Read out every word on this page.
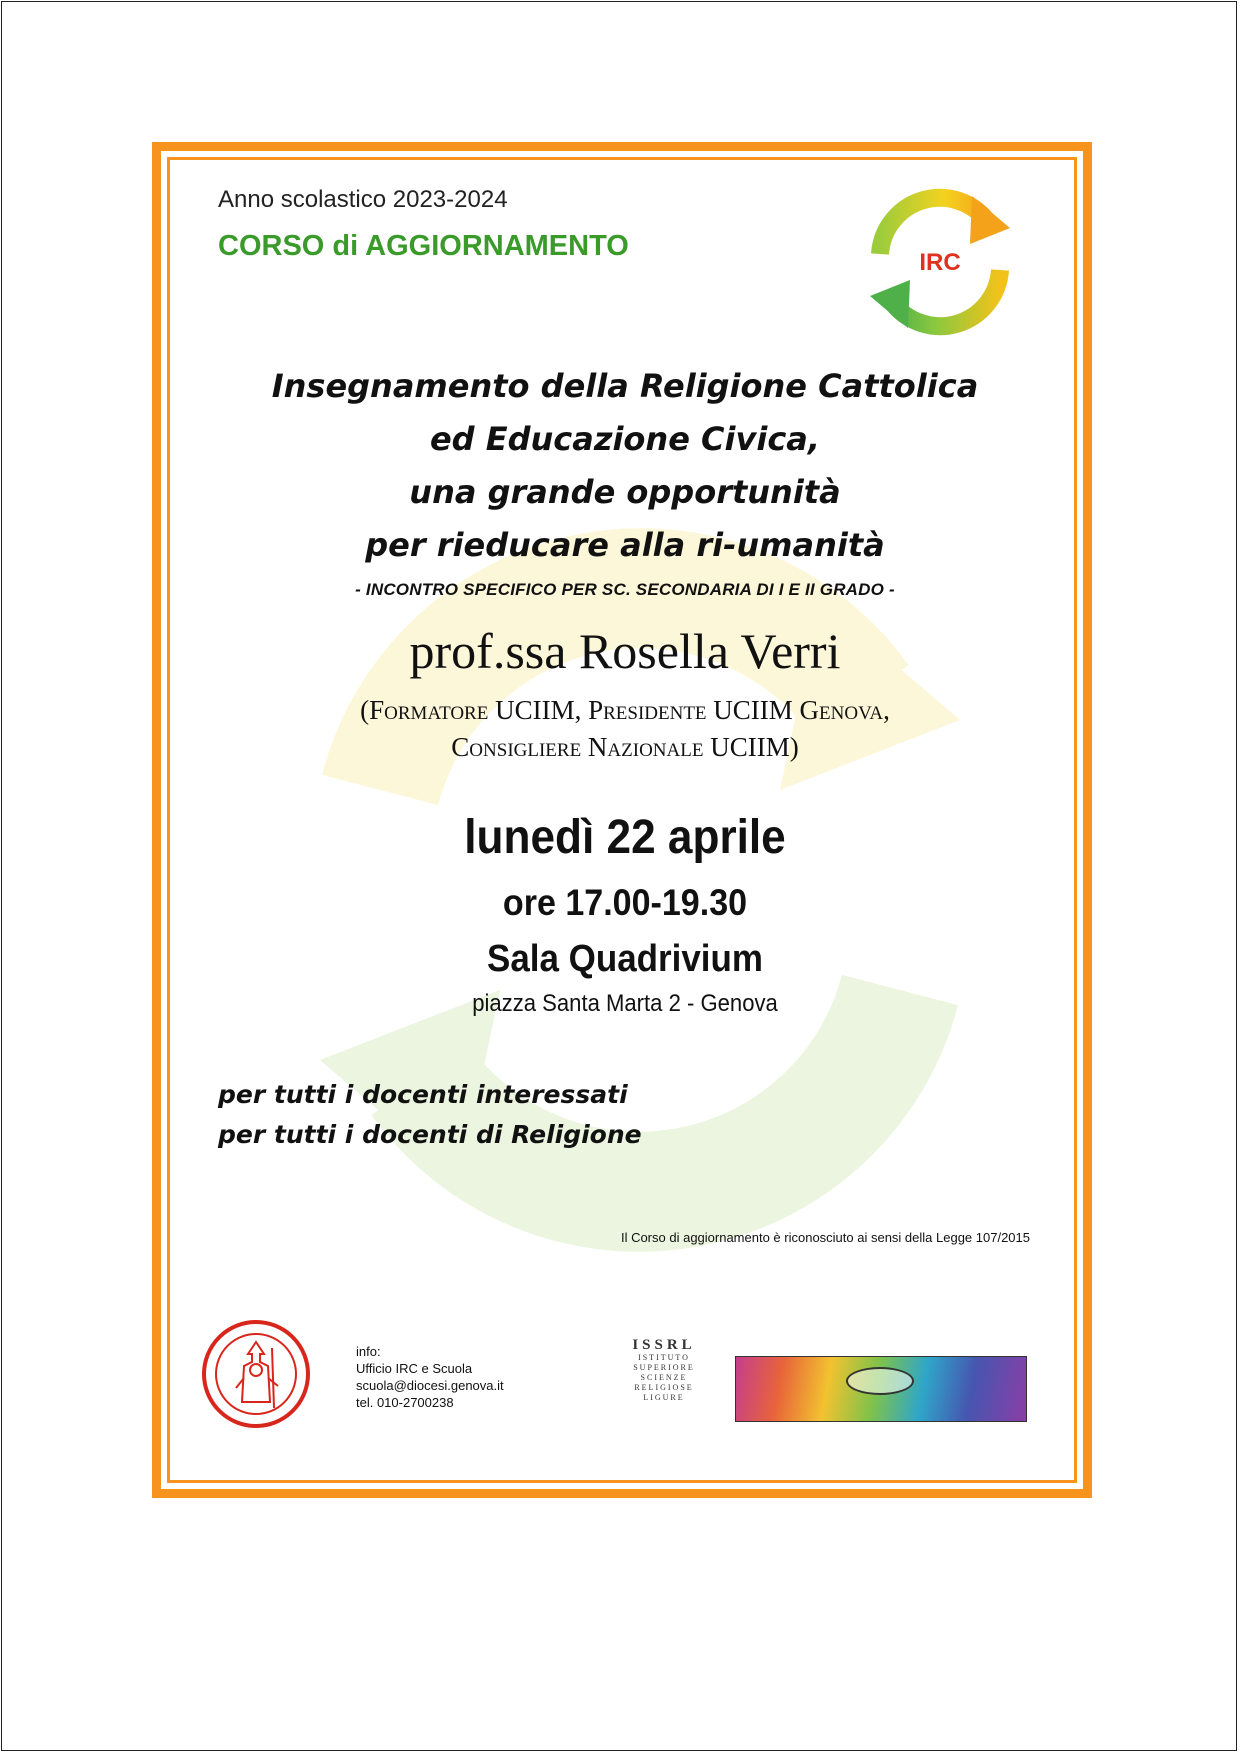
Anno scolastico 2023-2024
CORSO di AGGIORNAMENTO
IRC
Insegnamento della Religione Cattolica
ed Educazione Civica,
una grande opportunità
per rieducare alla ri-umanità
- INCONTRO SPECIFICO PER SC. SECONDARIA DI I E II GRADO -
prof.ssa Rosella Verri
(Formatore UCIIM, Presidente UCIIM Genova,
Consigliere Nazionale UCIIM)
lunedì 22 aprile
ore 17.00-19.30
Sala Quadrivium
piazza Santa Marta 2 - Genova
per tutti i docenti interessati
per tutti i docenti di Religione
Il Corso di aggiornamento è riconosciuto ai sensi della Legge 107/2015
info:
Ufficio IRC e Scuola
scuola@diocesi.genova.it
tel. 010-2700238
ISSRL
ISTITUTO
SUPERIORE
SCIENZE
RELIGIOSE
LIGURE
